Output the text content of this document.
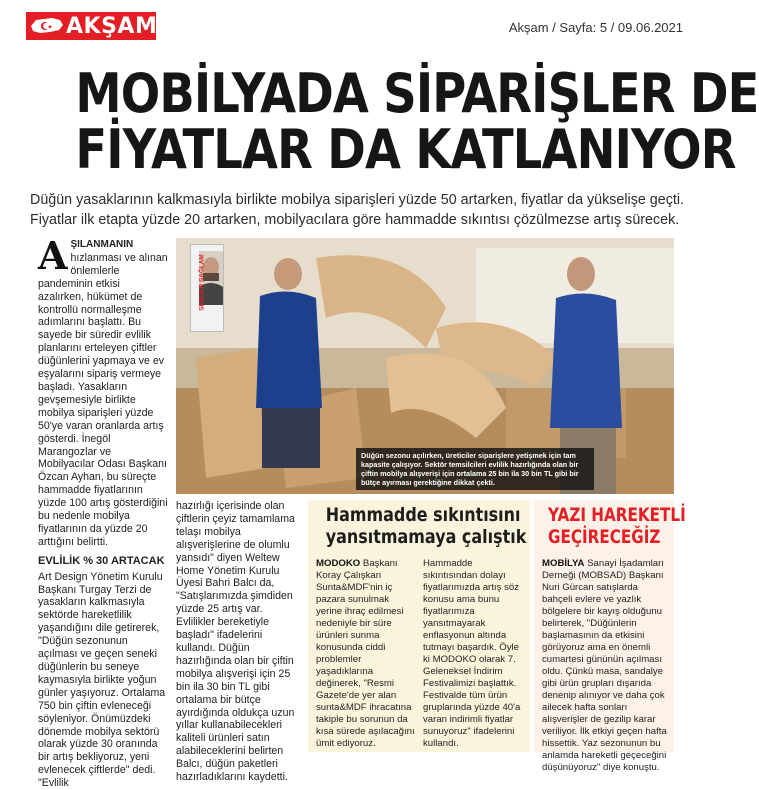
AKŞAM	Akşam / Sayfa: 5 / 09.06.2021
MOBİLYADA SİPARİŞLER DE
FİYATLAR DA KATLANIYOR
Düğün yasaklarının kalkmasıyla birlikte mobilya siparişleri yüzde 50 artarken, fiyatlar da yükselişe geçti.
Fiyatlar ilk etapta yüzde 20 artarken, mobilyacılara göre hammadde sıkıntısı çözülmezse artış sürecek.
A ŞILANMANIN hızlanması ve alınan önlemlerle pandeminin etkisi azalırken, hükümet de kontrollü normalleşme adımlarını başlattı. Bu sayede bir süredir evlilik planlarını erteleyen çiftler düğünlerini yapmaya ve ev eşyalarını sipariş vermeye başladı. Yasakların gevşemesiyle birlikte mobilya siparişleri yüzde 50'ye varan oranlarda artış gösterdi. İnegöl Marangozlar ve Mobilyacılar Odası Başkanı Özcan Ayhan, bu süreçte hammadde fiyatlarının yüzde 100 artış gösterdiğini bu nedenle mobilya fiyatlarının da yüzde 20 arttığını belirtti.

EVLİLİK % 30 ARTACAK

Art Design Yönetim Kurulu Başkanı Turgay Terzi de yasakların kalkmasıyla sektörde hareketlilik yaşandığını dile getirerek, "Düğün sezonunun açılması ve geçen seneki düğünlerin bu seneye kaymasıyla birlikte yoğun günler yaşıyoruz. Ortalama 750 bin çiftin evleneceği söyleniyor. Önümüzdeki dönemde mobilya sektörü olarak yüzde 30 oranında bir artış bekliyoruz, yeni evlenecek çiftlerde" dedi. "Evlilik

SERDAR SAĞLAM
Düğün sezonu açılırken, üreticiler siparişlere yetişmek için tam kapasite çalışıyor. Sektör temsilcileri evlilik hazırlığında olan bir çiftin mobilya alışverişi için ortalama 25 bin ila 30 bin TL gibi bir bütçe ayırması gerektiğine dikkat çekti.
hazırlığı içerisinde olan çiftlerin çeyiz tamamlama telaşı mobilya alışverişlerine de olumlu yansıdı" diyen Weltew Home Yönetim Kurulu Üyesi Bahri Balcı da, "Satışlarımızda şimdiden yüzde 25 artış var. Evlilikler bereketiyle başladı" ifadelerini kullandı. Düğün hazırlığında olan bir çiftin mobilya alışverişi için 25 bin ila 30 bin TL gibi ortalama bir bütçe ayırdığında oldukça uzun yıllar kullanabilecekleri kaliteli ürünleri satın alabileceklerini belirten Balcı, düğün paketleri hazırladıklarını kaydetti.
Hammadde sıkıntısını
yansıtmamaya çalıştık
MODOKO Başkanı Koray Çalışkan Sunta&MDF'nin iç pazara sunulmak yerine ihraç edilmesi nedeniyle bir süre ürünleri sunma konusunda ciddi problemler yaşadıklarına değinerek, "Resmi Gazete'de yer alan sunta&MDF ihracatına takiple bu sorunun da kısa sürede aşılacağını ümit ediyoruz.
Hammadde sıkıntısından dolayı fiyatlarımızda artış söz konusu ama bunu fiyatlarımıza yansıtmayarak enflasyonun altında tutmayı başardık. Öyle ki MODOKO olarak 7. Geleneksel İndirim Festivalimizi başlattık. Festivalde tüm ürün gruplarında yüzde 40'a varan indirimli fiyatlar sunuyoruz" ifadelerini kullandı.
YAZI HAREKETLİ
GEÇİRECEĞİZ
MOBİLYA Sanayi İşadamları Derneği (MOBSAD) Başkanı Nuri Gürcan satışlarda bahçeli evlere ve yazlık bölgelere bir kayış olduğunu belirterek, "Düğünlerin başlamasının da etkisini görüyoruz ama en önemli cumartesi gününün açılması oldu. Çünkü masa, sandalye gibi ürün grupları dışarıda denenip alınıyor ve daha çok ailecek hafta sonları alışverişler de gezilip karar veriliyor. İlk etkiyi geçen hafta hissettik. Yaz sezonunun bu anlamda hareketli geçeceğini düşünüyoruz" diye konuştu.
